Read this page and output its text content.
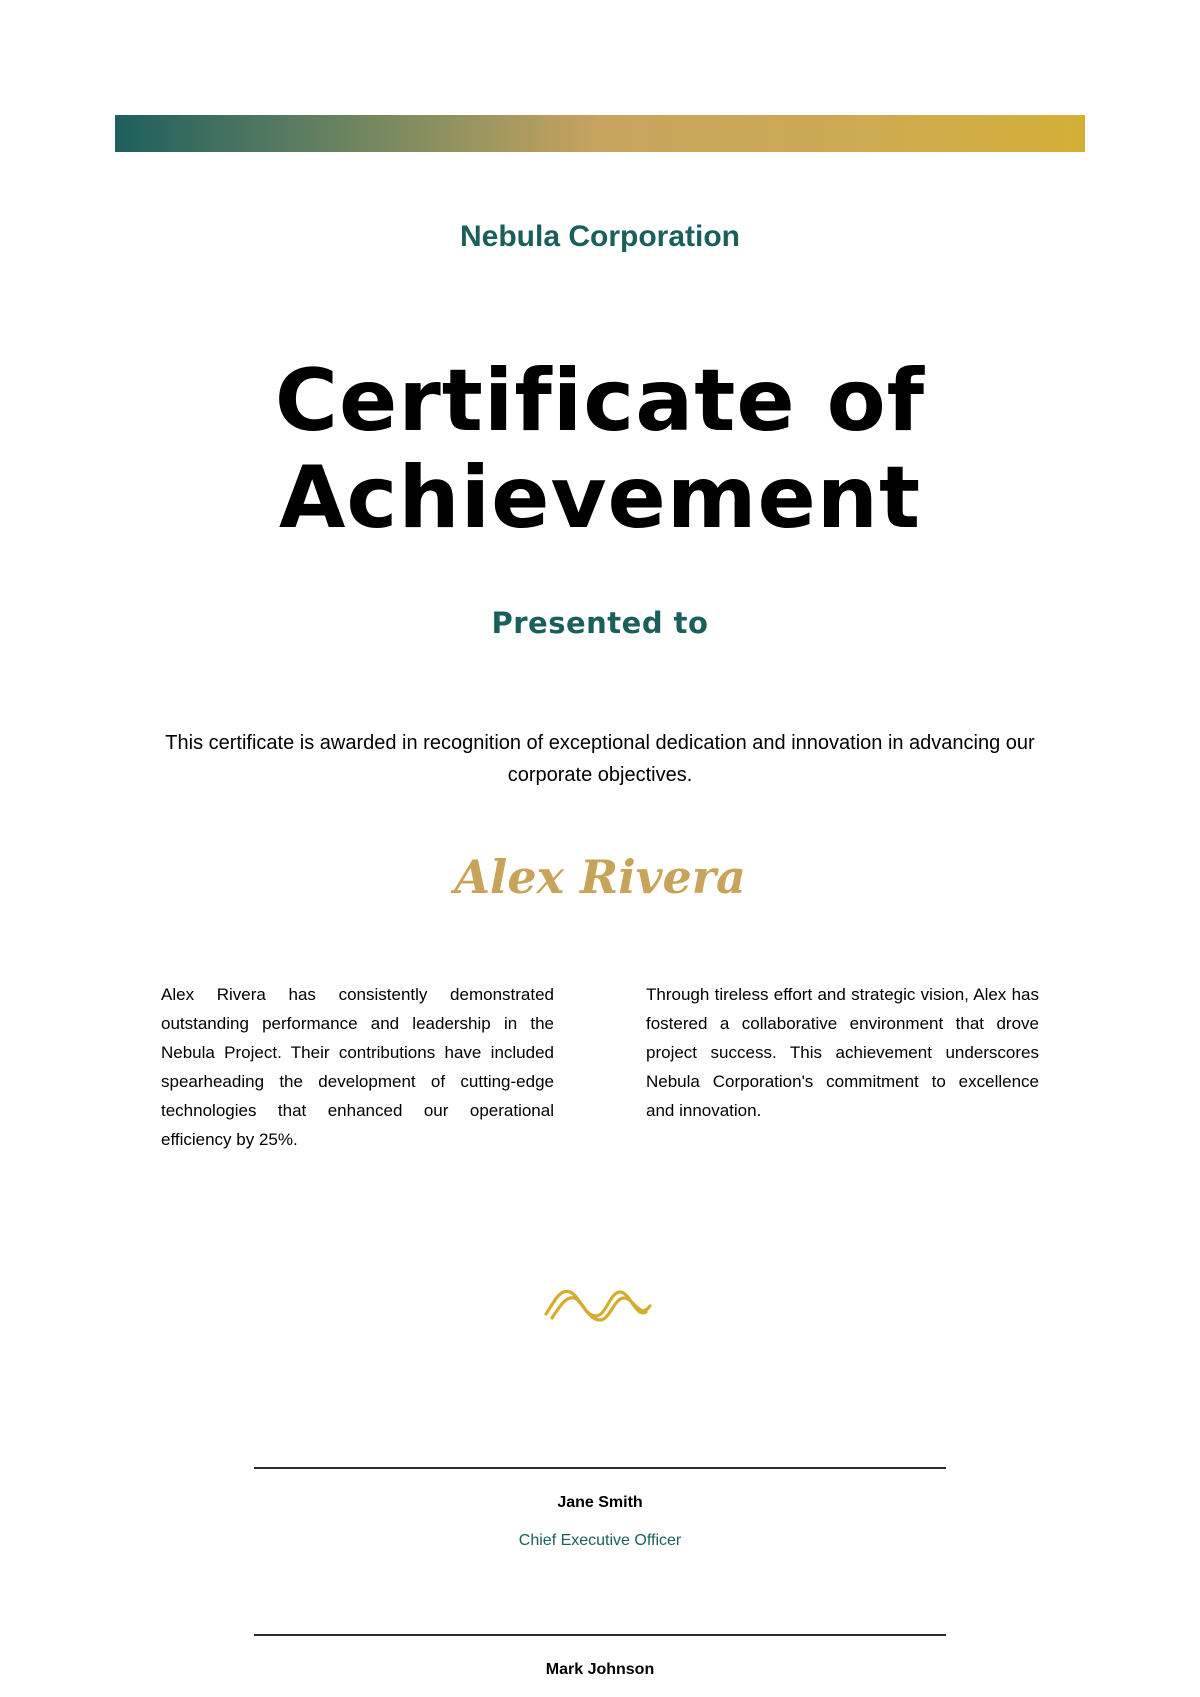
Nebula Corporation
Certificate of
Achievement
Presented to
This certificate is awarded in recognition of exceptional dedication and innovation in advancing our corporate objectives.
Alex Rivera
Alex Rivera has consistently demonstrated outstanding performance and leadership in the Nebula Project. Their contributions have included spearheading the development of cutting-edge technologies that enhanced our operational efficiency by 25%.
Through tireless effort and strategic vision, Alex has fostered a collaborative environment that drove project success. This achievement underscores Nebula Corporation's commitment to excellence and innovation.
Jane Smith
Chief Executive Officer
Mark Johnson
